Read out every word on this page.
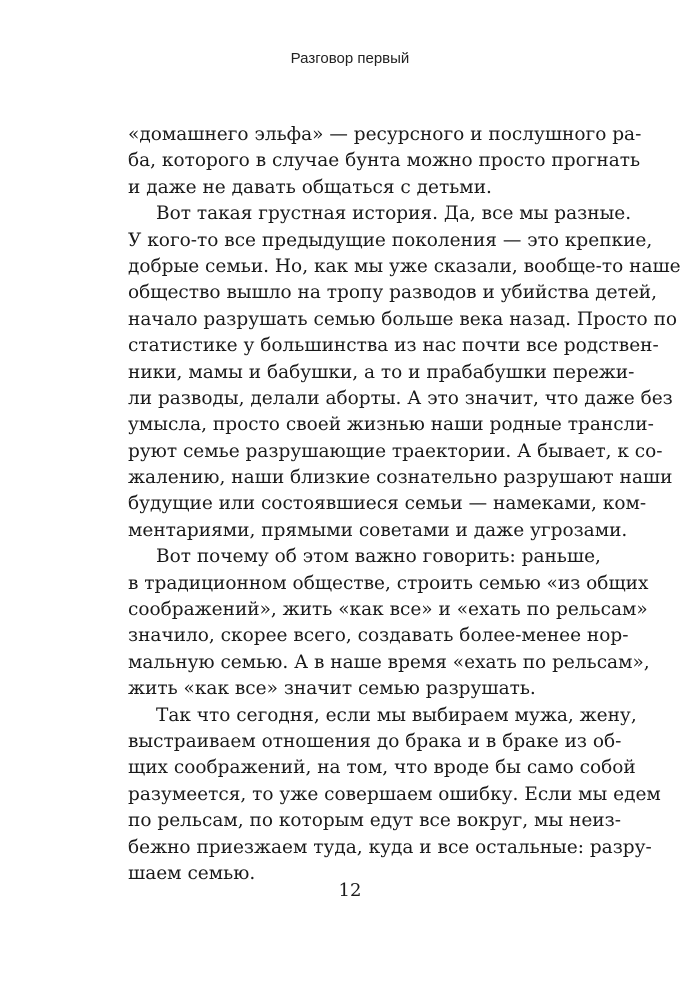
Разговор первый
«домашнего эльфа» — ресурсного и послушного ра-
ба, которого в случае бунта можно просто прогнать
и даже не давать общаться с детьми.
Вот такая грустная история. Да, все мы разные.
У кого-то все предыдущие поколения — это крепкие,
добрые семьи. Но, как мы уже сказали, вообще-то наше
общество вышло на тропу разводов и убийства детей,
начало разрушать семью больше века назад. Просто по
статистике у большинства из нас почти все родствен-
ники, мамы и бабушки, а то и прабабушки пережи-
ли разводы, делали аборты. А это значит, что даже без
умысла, просто своей жизнью наши родные трансли-
руют семье разрушающие траектории. А бывает, к со-
жалению, наши близкие сознательно разрушают наши
будущие или состоявшиеся семьи — намеками, ком-
ментариями, прямыми советами и даже угрозами.
Вот почему об этом важно говорить: раньше,
в традиционном обществе, строить семью «из общих
соображений», жить «как все» и «ехать по рельсам»
значило, скорее всего, создавать более-менее нор-
мальную семью. А в наше время «ехать по рельсам»,
жить «как все» значит семью разрушать.
Так что сегодня, если мы выбираем мужа, жену,
выстраиваем отношения до брака и в браке из об-
щих соображений, на том, что вроде бы само собой
разумеется, то уже совершаем ошибку. Если мы едем
по рельсам, по которым едут все вокруг, мы неиз-
бежно приезжаем туда, куда и все остальные: разру-
шаем семью.
12
